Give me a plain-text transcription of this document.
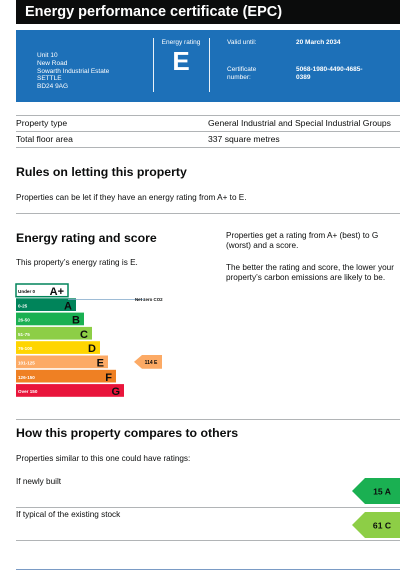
Energy performance certificate (EPC)
Unit 10
New Road
Sowarth Industrial Estate
SETTLE
BD24 9AG
Energy rating
E
Valid until:	20 March 2034
Certificate
number:
5068-1980-4490-4685-
0389
Property type	General Industrial and Special Industrial Groups
Total floor area	337 square metres
Rules on letting this property
Properties can be let if they have an energy rating from A+ to E.
Energy rating and score
This property’s energy rating is E.
Properties get a rating from A+ (best) to G (worst) and a score.
The better the rating and score, the lower your property’s carbon emissions are likely to be.
Under 0 A+
0-25	A
26-50	B
51-75	C
76-100	D
101-125	E
126-150	F
Over 150	G
Net zero CO2
114 E
How this property compares to others
Properties similar to this one could have ratings:
If newly built
15 A
If typical of the existing stock
61 C
